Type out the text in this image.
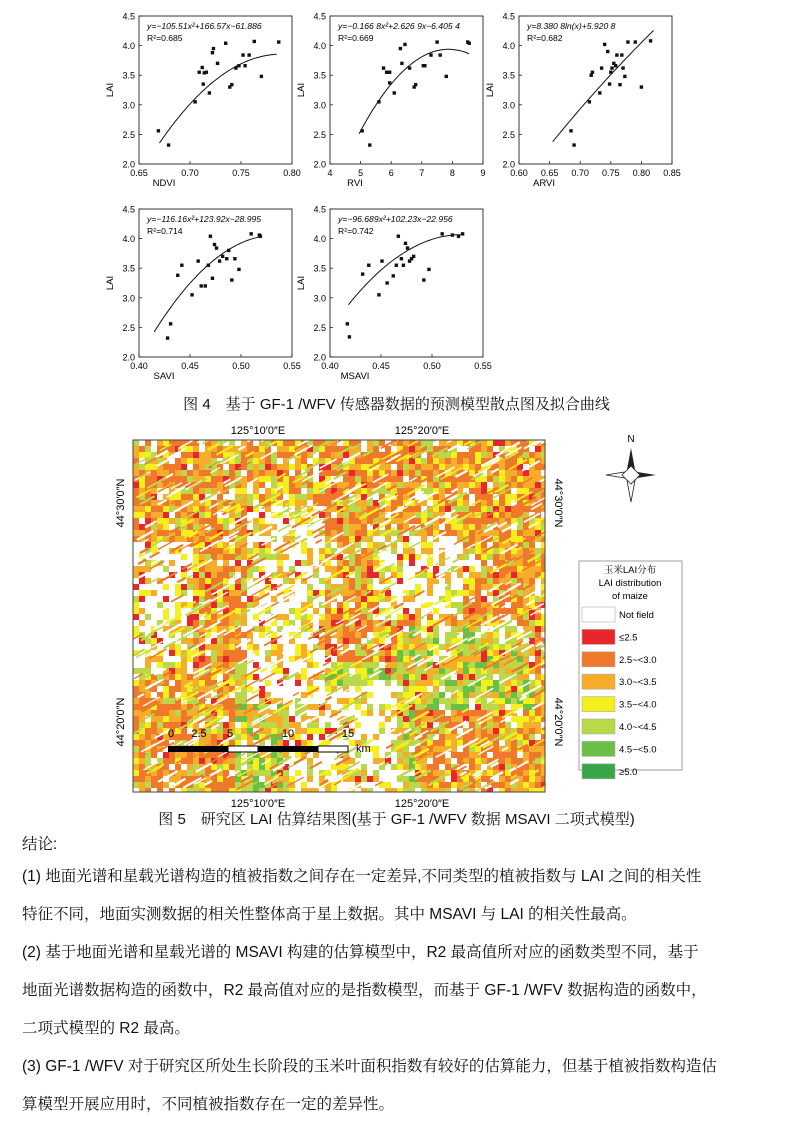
2.0
2.5
3.0
3.5
4.0
4.5
0.65	0.70	0.75	0.80
NDVI
LAI
y=−105.51x²+166.57x−61.886
R²=0.685
2.0
2.5
3.0
3.5
4.0
4.5
4	5	6	7	8	9
RVI
LAI
y=−0.166 8x²+2.626 9x−6.405 4
R²=0.669
2.0
2.5
3.0
3.5
4.0
4.5
0.60 0.65 0.70 0.75 0.80 0.85
ARVI
LAI
y=8.380 8ln(x)+5.920 8
R²=0.682
2.0
2.5
3.0
3.5
4.0
4.5
0.40	0.45	0.50	0.55
SAVI
LAI
y=−116.16x²+123.92x−28.995
R²=0.714
2.0
2.5
3.0
3.5
4.0
4.5
0.40	0.45	0.50	0.55
MSAVI
LAI
y=−96.689x²+102.23x−22.956
R²=0.742
图 4　基于 GF-1 /WFV 传感器数据的预测模型散点图及拟合曲线
125°10′0″E	125°20′0″E
125°10′0″E	125°20′0″E
44°30′0″N
44°20′0″N
44°30′0″N
44°20′0″N
0 2.5 5	10	15
km
N
玉米LAI分布
LAI distribution
of maize
Not field
≤2.5
2.5~<3.0
3.0~<3.5
3.5~<4.0
4.0~<4.5
4.5~<5.0
≥5.0
图 5　研究区 LAI 估算结果图(基于 GF-1 /WFV 数据 MSAVI 二项式模型)
结论:

(1) 地面光谱和星载光谱构造的植被指数之间存在一定差异,不同类型的植被指数与 LAI 之间的相关性

特征不同，地面实测数据的相关性整体高于星上数据。其中 MSAVI 与 LAI 的相关性最高。

(2) 基于地面光谱和星载光谱的 MSAVI 构建的估算模型中，R2 最高值所对应的函数类型不同，基于

地面光谱数据构造的函数中，R2 最高值对应的是指数模型，而基于 GF-1 /WFV 数据构造的函数中，

二项式模型的 R2 最高。

(3) GF-1 /WFV 对于研究区所处生长阶段的玉米叶面积指数有较好的估算能力，但基于植被指数构造估

算模型开展应用时，不同植被指数存在一定的差异性。
